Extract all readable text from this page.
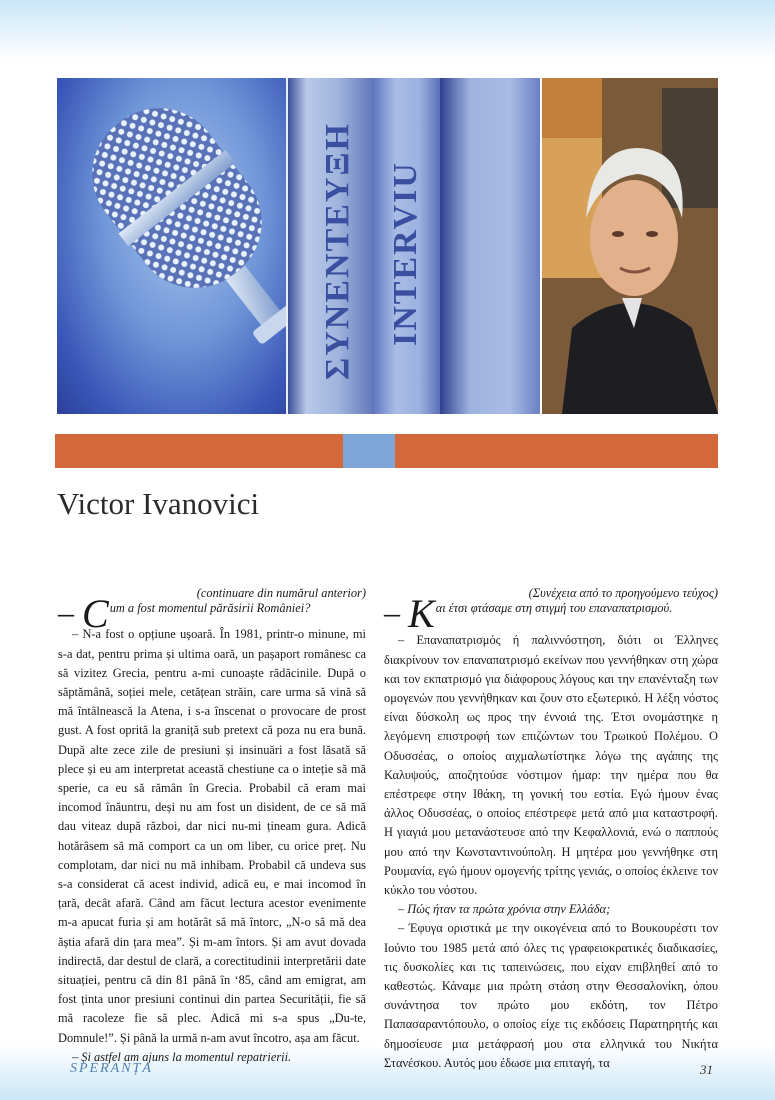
ΣΥΝΕΝΤΕΥΞΗ INTERVIU
Victor Ivanovici

(continuare din numărul anterior)

– Cum a fost momentul părăsirii României?

– N-a fost o opțiune ușoară. În 1981, printr-o minune, mi s-a dat, pentru prima și ultima oară, un pașaport românesc ca să vizitez Grecia, pentru a-mi cunoaște rădăcinile. După o săptămână, soției mele, cetățean străin, care urma să vină să mă întâlnească la Atena, i s-a înscenat o provocare de prost gust. A fost oprită la graniță sub pretext că poza nu era bună. După alte zece zile de presiuni și insinuări a fost lăsată să plece și eu am interpretat această chestiune ca o inteție să mă sperie, ca eu să rămân în Grecia. Probabil că eram mai incomod înăuntru, deși nu am fost un disident, de ce să mă dau viteaz după război, dar nici nu-mi țineam gura. Adică hotărâsem să mă comport ca un om liber, cu orice preț. Nu complotam, dar nici nu mă inhibam. Probabil că undeva sus s-a considerat că acest individ, adică eu, e mai incomod în țară, decât afară. Când am făcut lectura acestor evenimente m-a apucat furia și am hotărât să mă întorc, „N-o să mă dea ăștia afară din țara mea”. Și m-am întors. Și am avut dovada indirectă, dar destul de clară, a corectitudinii interpretării date situației, pentru că din 81 până în ‘85, când am emigrat, am fost ținta unor presiuni continui din partea Securității, fie să mă racoleze fie să plec. Adică mi s-a spus „Du-te, Domnule!”. Și până la urmă n-am avut încotro, așa am făcut.

– Și astfel am ajuns la momentul repatrierii.

(Συνέχεια από το προηγούμενο τεύχος)

– Και έτσι φτάσαμε στη στιγμή του επαναπατρισμού.

– Επαναπατρισμός ή παλιννόστηση, διότι οι Έλληνες διακρίνουν τον επαναπατρισμό εκείνων που γεννήθηκαν στη χώρα και τον εκπατρισμό για διάφορους λόγους και την επανένταξη των ομογενών που γεννήθηκαν και ζουν στο εξωτερικό. Η λέξη νόστος είναι δύσκολη ως προς την έννοιά της. Έτσι ονομάστηκε η λεγόμενη επιστροφή των επιζώντων του Τρωικού Πολέμου. Ο Οδυσσέας, ο οποίος αιχμαλωτίστηκε λόγω της αγάπης της Καλυψούς, αποζητούσε νόστιμον ήμαρ: την ημέρα που θα επέστρεφε στην Ιθάκη, τη γονική του εστία. Εγώ ήμουν ένας άλλος Οδυσσέας, ο οποίος επέστρεφε μετά από μια καταστροφή. Η γιαγιά μου μετανάστευσε από την Κεφαλλονιά, ενώ ο παππούς μου από την Κωνσταντινούπολη. Η μητέρα μου γεννήθηκε στη Ρουμανία, εγώ ήμουν ομογενής τρίτης γενιάς, ο οποίος έκλεινε τον κύκλο του νόστου.

– Πώς ήταν τα πρώτα χρόνια στην Ελλάδα;

– Έφυγα οριστικά με την οικογένεια από το Βουκουρέστι τον Ιούνιο του 1985 μετά από όλες τις γραφειοκρατικές διαδικασίες, τις δυσκολίες και τις ταπεινώσεις, που είχαν επιβληθεί από το καθεστώς. Κάναμε μια πρώτη στάση στην Θεσσαλονίκη, όπου συνάντησα τον πρώτο μου εκδότη, τον Πέτρο Παπασαραντόπουλο, ο οποίος είχε τις εκδόσεις Παρατηρητής και δημοσίευσε μια μετάφρασή μου στα ελληνικά του Νικήτα Στανέσκου. Αυτός μου έδωσε μια επιταγή, τα

SPERANȚA	31
